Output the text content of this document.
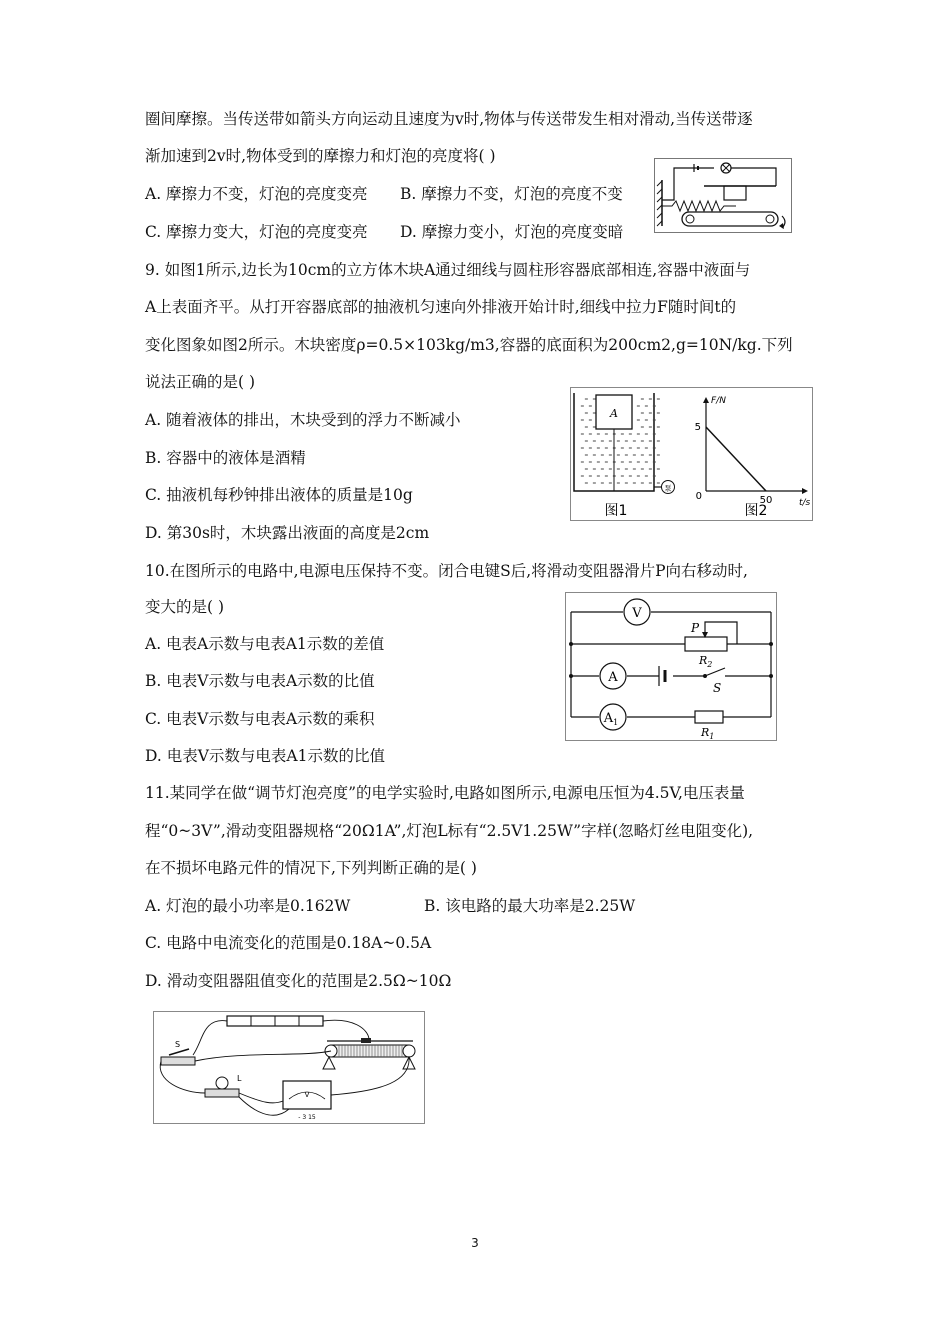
圈间摩擦。当传送带如箭头方向运动且速度为v时,物体与传送带发生相对滑动,当传送带逐
渐加速到2v时,物体受到的摩擦力和灯泡的亮度将( )
A. 摩擦力不变，灯泡的亮度变亮 B. 摩擦力不变，灯泡的亮度不变
C. 摩擦力变大，灯泡的亮度变亮 D. 摩擦力变小，灯泡的亮度变暗
9. 如图1所示,边长为10cm的立方体木块A通过细线与圆柱形容器底部相连,容器中液面与
A上表面齐平。从打开容器底部的抽液机匀速向外排液开始计时,细线中拉力F随时间t的
变化图象如图2所示。木块密度ρ=0.5×103kg/m3,容器的底面积为200cm2,g=10N/kg.下列
说法正确的是( )
A. 随着液体的排出，木块受到的浮力不断减小
B. 容器中的液体是酒精
C. 抽液机每秒钟排出液体的质量是10g
D. 第30s时，木块露出液面的高度是2cm
A
泵
图1
F/N
t/s
0
5
50
图2
10.在图所示的电路中,电源电压保持不变。闭合电键S后,将滑动变阻器滑片P向右移动时,
变大的是( )
A. 电表A示数与电表A1示数的差值
B. 电表V示数与电表A示数的比值
C. 电表V示数与电表A示数的乘积
D. 电表V示数与电表A1示数的比值
V
P
$R_2$
A
S
$A_1$
$R_1$
11.某同学在做“调节灯泡亮度”的电学实验时,电路如图所示,电源电压恒为4.5V,电压表量
程“0~3V”,滑动变阻器规格“20Ω1A”,灯泡L标有“2.5V1.25W”字样(忽略灯丝电阻变化),
在不损坏电路元件的情况下,下列判断正确的是( )
A. 灯泡的最小功率是0.162W	B. 该电路的最大功率是2.25W
C. 电路中电流变化的范围是0.18A~0.5A
D. 滑动变阻器阻值变化的范围是2.5Ω~10Ω
S
L
V
- 3 15
3
